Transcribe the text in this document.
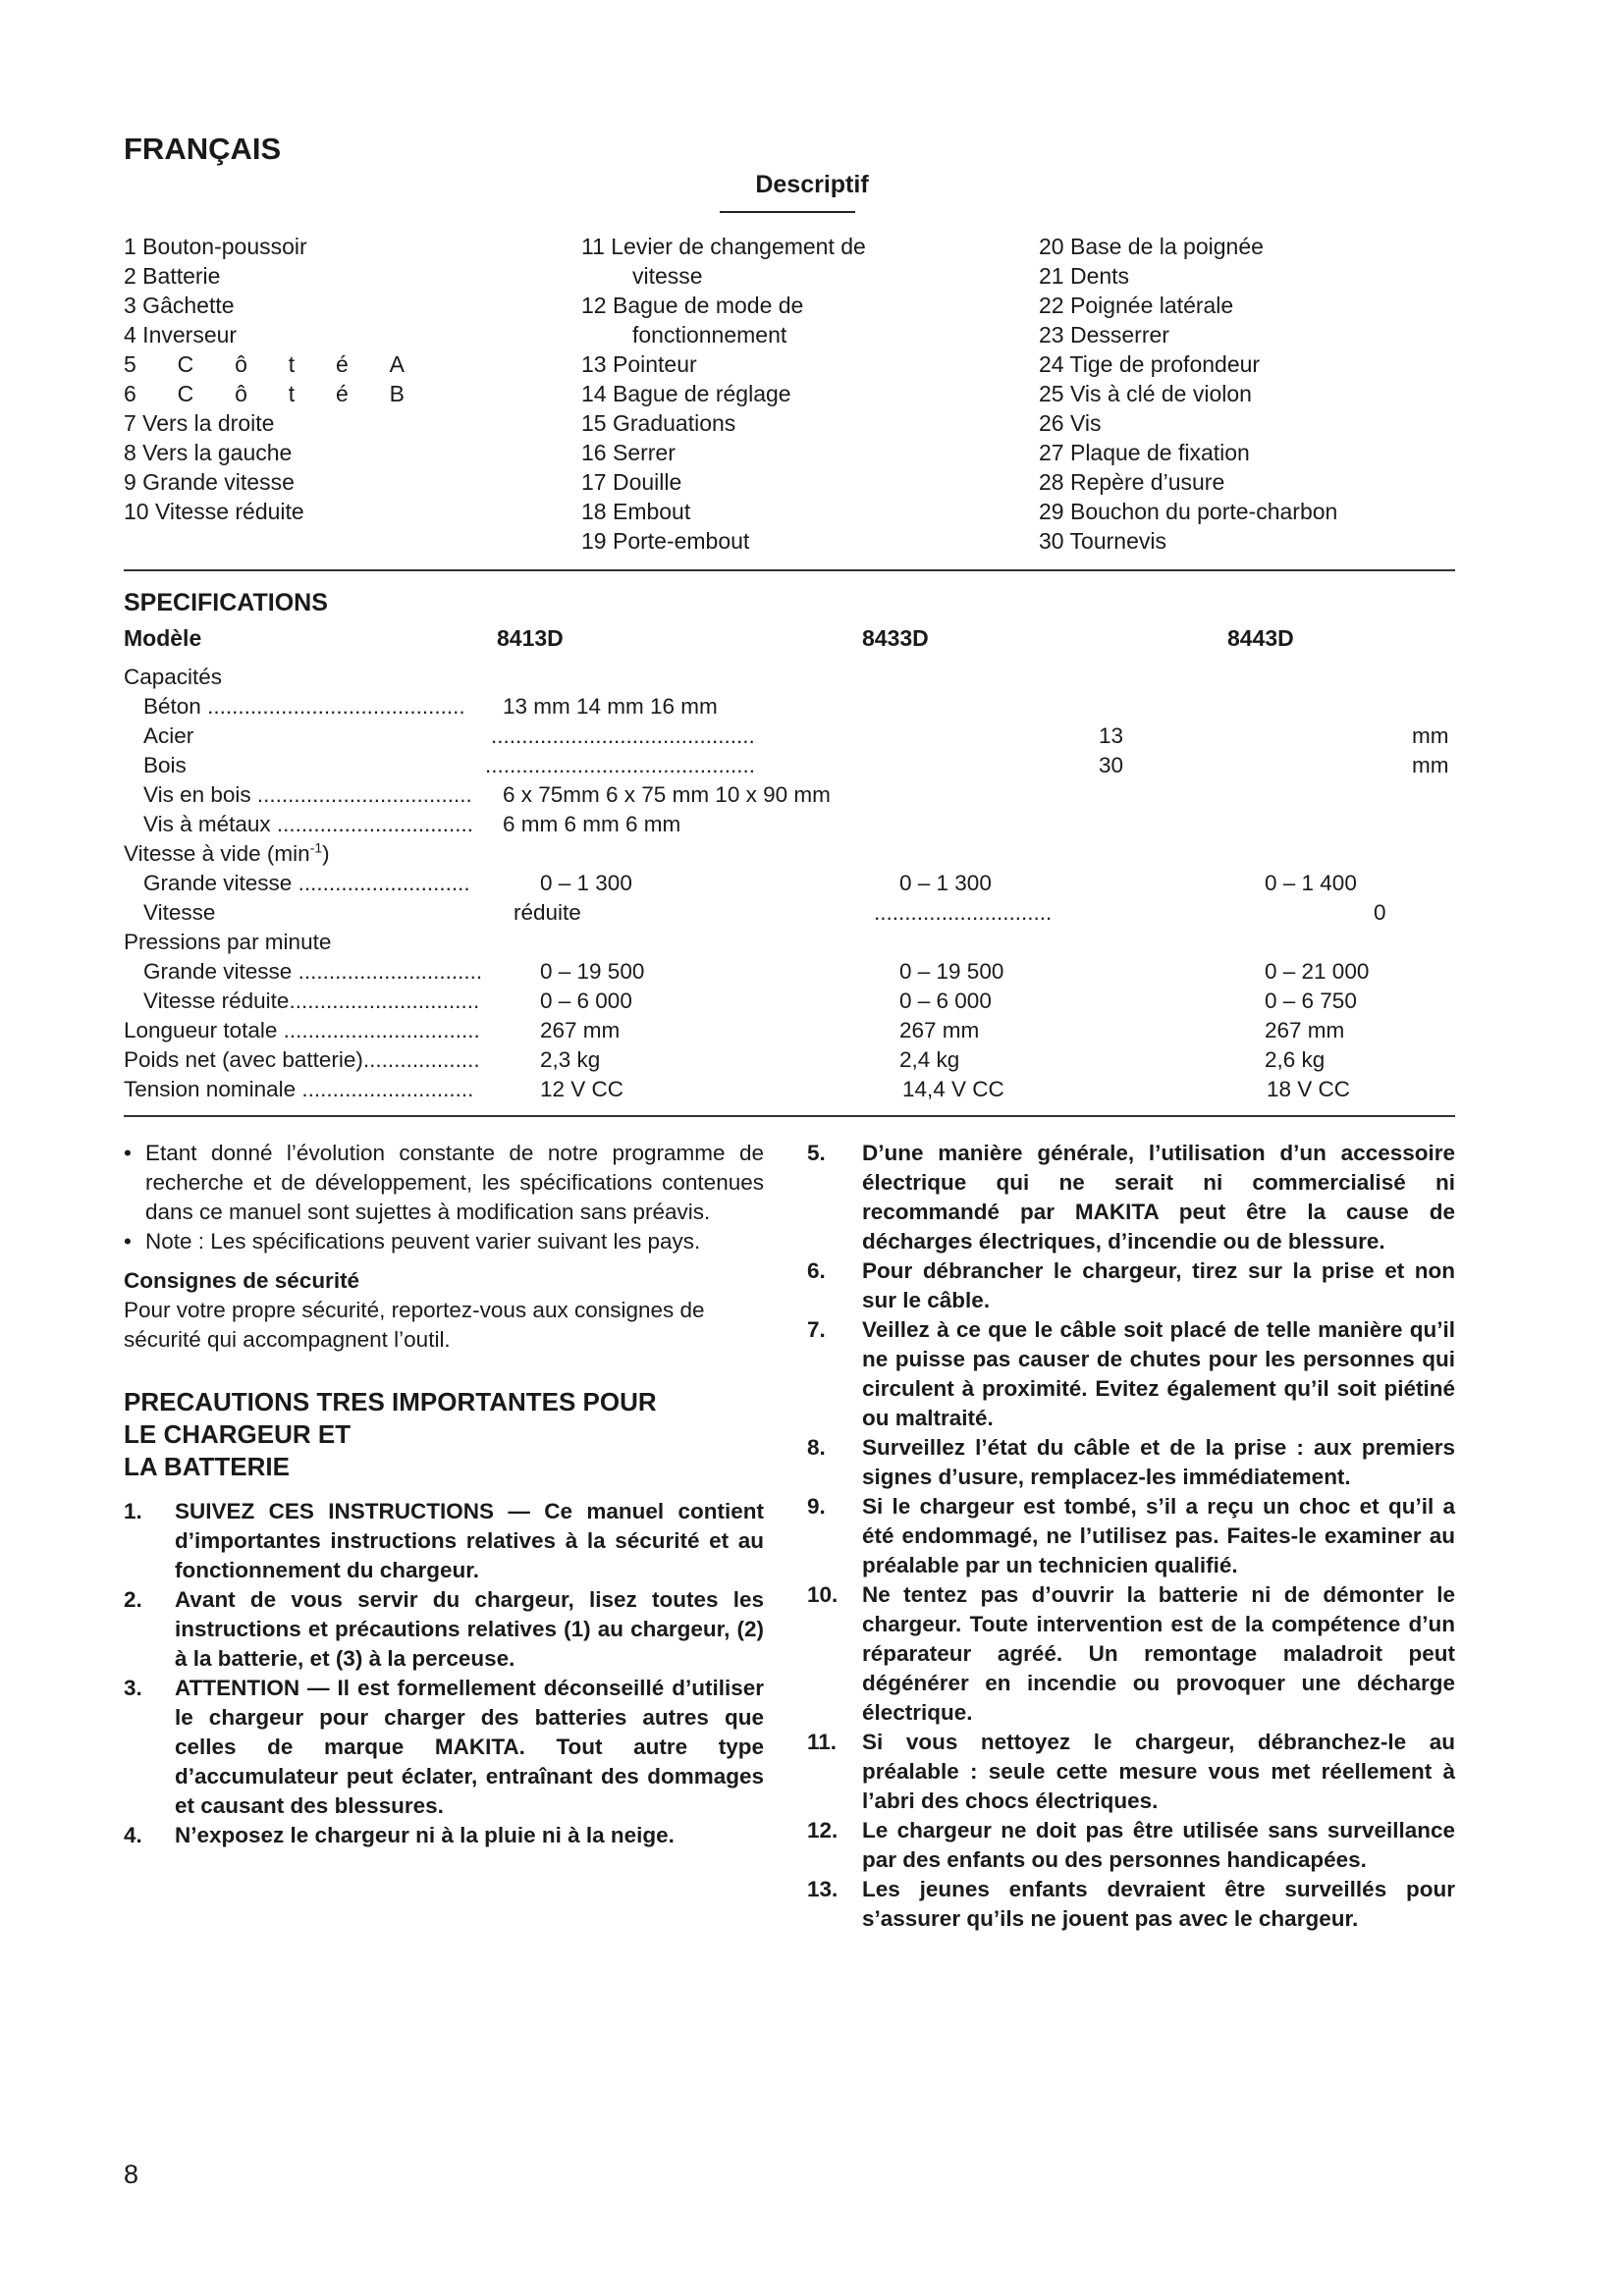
FRANÇAIS
Descriptif
1 Bouton-poussoir
2 Batterie
3 Gâchette
4 Inverseur
5 C ô t é A
6 C ô t é B
7 Vers la droite
8 Vers la gauche
9 Grande vitesse
10 Vitesse réduite
11 Levier de changement de
vitesse
12 Bague de mode de
fonctionnement
13 Pointeur
14 Bague de réglage
15 Graduations
16 Serrer
17 Douille
18 Embout
19 Porte-embout
20 Base de la poignée
21 Dents
22 Poignée latérale
23 Desserrer
24 Tige de profondeur
25 Vis à clé de violon
26 Vis
27 Plaque de fixation
28 Repère d’usure
29 Bouchon du porte-charbon
30 Tournevis
SPECIFICATIONS
Modèle	8413D	8433D	8443D
Capacités
Béton .......................................... 13 mm 14 mm 16 mm
Acier	...........................................	13	mm
Bois	............................................	30	mm
Vis en bois ................................... 6 x 75mm 6 x 75 mm 10 x 90 mm
Vis à métaux ................................ 6 mm 6 mm 6 mm
Vitesse à vide $(\min^{-1})$
Grande vitesse ............................	0 – 1 300	0 – 1 300	0 – 1 400
Vitesse	réduite	.............................	0
Pressions par minute
Grande vitesse ..............................	0 – 19 500	0 – 19 500	0 – 21 000
Vitesse réduite...............................	0 – 6 000	0 – 6 000	0 – 6 750
Longueur totale ................................	267 mm	267 mm	267 mm
Poids net (avec batterie)...................	2,3 kg	2,4 kg	2,6 kg
Tension nominale ............................	12 V CC	14,4 V CC	18 V CC
• Etant donné l’évolution constante de notre programme de recherche et de développement, les spécifications contenues dans ce manuel sont sujettes à modification sans préavis.
• Note : Les spécifications peuvent varier suivant les pays.
Consignes de sécurité
Pour votre propre sécurité, reportez-vous aux consignes de sécurité qui accompagnent l’outil.
PRECAUTIONS TRES IMPORTANTES POUR
LE CHARGEUR ET
LA BATTERIE
1. SUIVEZ CES INSTRUCTIONS — Ce manuel contient d’importantes instructions relatives à la sécurité et au fonctionnement du chargeur.
2. Avant de vous servir du chargeur, lisez toutes les instructions et précautions relatives (1) au chargeur, (2) à la batterie, et (3) à la perceuse.
3. ATTENTION — Il est formellement déconseillé d’utiliser le chargeur pour charger des batteries autres que celles de marque MAKITA. Tout autre type d’accumulateur peut éclater, entraînant des dommages et causant des blessures.
4. N’exposez le chargeur ni à la pluie ni à la neige.
5. D’une manière générale, l’utilisation d’un accessoire électrique qui ne serait ni commercialisé ni recommandé par MAKITA peut être la cause de décharges électriques, d’incendie ou de blessure.
6. Pour débrancher le chargeur, tirez sur la prise et non sur le câble.
7. Veillez à ce que le câble soit placé de telle manière qu’il ne puisse pas causer de chutes pour les personnes qui circulent à proximité. Evitez également qu’il soit piétiné ou maltraité.
8. Surveillez l’état du câble et de la prise : aux premiers signes d’usure, remplacez-les immédiatement.
9. Si le chargeur est tombé, s’il a reçu un choc et qu’il a été endommagé, ne l’utilisez pas. Faites-le examiner au préalable par un technicien qualifié.
10. Ne tentez pas d’ouvrir la batterie ni de démonter le chargeur. Toute intervention est de la compétence d’un réparateur agréé. Un remontage maladroit peut dégénérer en incendie ou provoquer une décharge électrique.
11. Si vous nettoyez le chargeur, débranchez-le au préalable : seule cette mesure vous met réellement à l’abri des chocs électriques.
12. Le chargeur ne doit pas être utilisée sans surveillance par des enfants ou des personnes handicapées.
13. Les jeunes enfants devraient être surveillés pour s’assurer qu’ils ne jouent pas avec le chargeur.
8
